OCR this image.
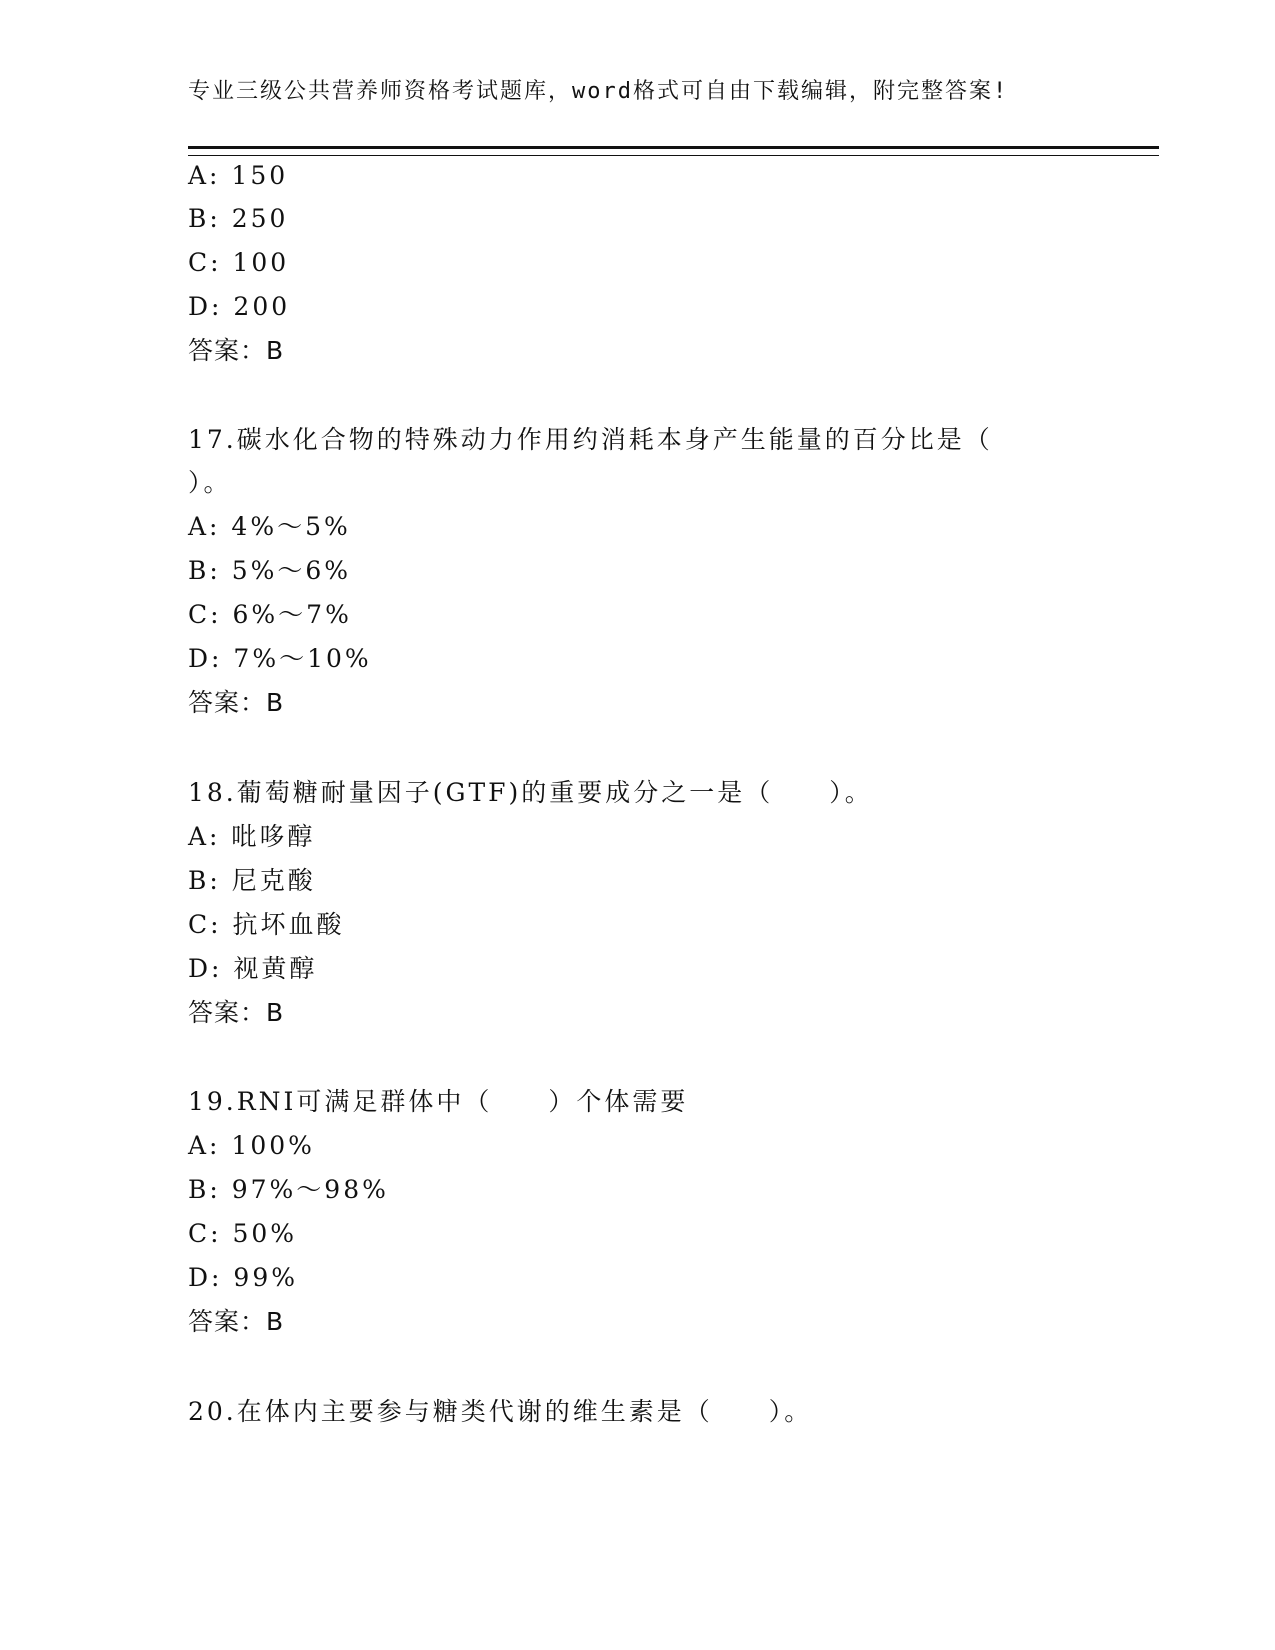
专业三级公共营养师资格考试题库，word格式可自由下载编辑，附完整答案!
A: 150
B: 250
C: 100
D: 200
答案：B
17.碳水化合物的特殊动力作用约消耗本身产生能量的百分比是（
）。
A: 4%～5%
B: 5%～6%
C: 6%～7%
D: 7%～10%
答案：B
18.葡萄糖耐量因子(GTF)的重要成分之一是（　　）。
A: 吡哆醇
B: 尼克酸
C: 抗坏血酸
D: 视黄醇
答案：B
19.RNI可满足群体中（　　）个体需要
A: 100%
B: 97%～98%
C: 50%
D: 99%
答案：B
20.在体内主要参与糖类代谢的维生素是（　　）。
